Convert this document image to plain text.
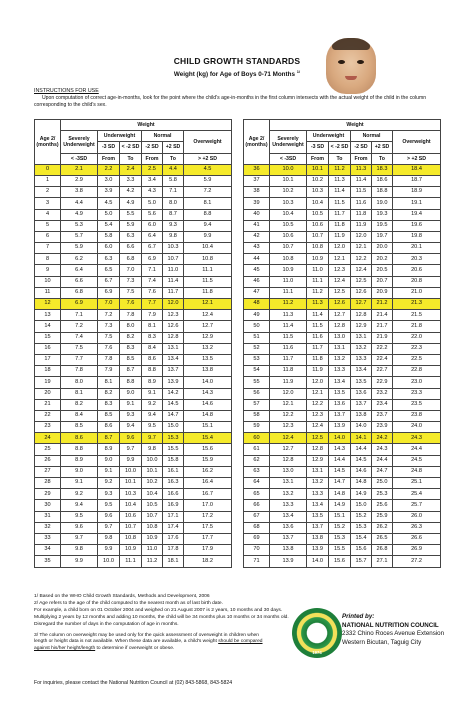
CHILD GROWTH STANDARDS
Weight (kg) for Age of Boys 0-71 Months $^{1/}$
INSTRUCTIONS FOR USE
Upon computation of correct age-in-months, look for the point where the child's age-in-months in the first column intersects with the actual weight of the child in the column corresponding to the child's sex.
Age 2/ (months)	Weight					
	Severely Underweight	Underweight		Normal		Overweight
		-3 SD	< -2 SD	-2 SD	+2 SD	
	< -3SD	From	To	From	To	> +2 SD
0	2.1	2.2	2.4	2.5	4.4	4.5
1	2.9	3.0	3.3	3.4	5.8	5.9
2	3.8	3.9	4.2	4.3	7.1	7.2
3	4.4	4.5	4.9	5.0	8.0	8.1
4	4.9	5.0	5.5	5.6	8.7	8.8
5	5.3	5.4	5.9	6.0	9.3	9.4
6	5.7	5.8	6.3	6.4	9.8	9.9
7	5.9	6.0	6.6	6.7	10.3	10.4
8	6.2	6.3	6.8	6.9	10.7	10.8
9	6.4	6.5	7.0	7.1	11.0	11.1
10	6.6	6.7	7.3	7.4	11.4	11.5
11	6.8	6.9	7.5	7.6	11.7	11.8
12	6.9	7.0	7.6	7.7	12.0	12.1
13	7.1	7.2	7.8	7.9	12.3	12.4
14	7.2	7.3	8.0	8.1	12.6	12.7
15	7.4	7.5	8.2	8.3	12.8	12.9
16	7.5	7.6	8.3	8.4	13.1	13.2
17	7.7	7.8	8.5	8.6	13.4	13.5
18	7.8	7.9	8.7	8.8	13.7	13.8
19	8.0	8.1	8.8	8.9	13.9	14.0
20	8.1	8.2	9.0	9.1	14.2	14.3
21	8.2	8.3	9.1	9.2	14.5	14.6
22	8.4	8.5	9.3	9.4	14.7	14.8
23	8.5	8.6	9.4	9.5	15.0	15.1
24	8.6	8.7	9.6	9.7	15.3	15.4
25	8.8	8.9	9.7	9.8	15.5	15.6
26	8.9	9.0	9.9	10.0	15.8	15.9
27	9.0	9.1	10.0	10.1	16.1	16.2
28	9.1	9.2	10.1	10.2	16.3	16.4
29	9.2	9.3	10.3	10.4	16.6	16.7
30	9.4	9.5	10.4	10.5	16.9	17.0
31	9.5	9.6	10.6	10.7	17.1	17.2
32	9.6	9.7	10.7	10.8	17.4	17.5
33	9.7	9.8	10.8	10.9	17.6	17.7
34	9.8	9.9	10.9	11.0	17.8	17.9
35	9.9	10.0	11.1	11.2	18.1	18.2
Age 2/ (months)	Weight					
	Severely Underweight	Underweight		Normal		Overweight
		-3 SD	< -2 SD	-2 SD	+2 SD	
	< -3SD	From	To	From	To	> +2 SD
36	10.0	10.1	11.2	11.3	18.3	18.4
37	10.1	10.2	11.3	11.4	18.6	18.7
38	10.2	10.3	11.4	11.5	18.8	18.9
39	10.3	10.4	11.5	11.6	19.0	19.1
40	10.4	10.5	11.7	11.8	19.3	19.4
41	10.5	10.6	11.8	11.9	19.5	19.6
42	10.6	10.7	11.9	12.0	19.7	19.8
43	10.7	10.8	12.0	12.1	20.0	20.1
44	10.8	10.9	12.1	12.2	20.2	20.3
45	10.9	11.0	12.3	12.4	20.5	20.6
46	11.0	11.1	12.4	12.5	20.7	20.8
47	11.1	11.2	12.5	12.6	20.9	21.0
48	11.2	11.3	12.6	12.7	21.2	21.3
49	11.3	11.4	12.7	12.8	21.4	21.5
50	11.4	11.5	12.8	12.9	21.7	21.8
51	11.5	11.6	13.0	13.1	21.9	22.0
52	11.6	11.7	13.1	13.2	22.2	22.3
53	11.7	11.8	13.2	13.3	22.4	22.5
54	11.8	11.9	13.3	13.4	22.7	22.8
55	11.9	12.0	13.4	13.5	22.9	23.0
56	12.0	12.1	13.5	13.6	23.2	23.3
57	12.1	12.2	13.6	13.7	23.4	23.5
58	12.2	12.3	13.7	13.8	23.7	23.8
59	12.3	12.4	13.9	14.0	23.9	24.0
60	12.4	12.5	14.0	14.1	24.2	24.3
61	12.7	12.8	14.3	14.4	24.3	24.4
62	12.8	12.9	14.4	14.5	24.4	24.5
63	13.0	13.1	14.5	14.6	24.7	24.8
64	13.1	13.2	14.7	14.8	25.0	25.1
65	13.2	13.3	14.8	14.9	25.3	25.4
66	13.3	13.4	14.9	15.0	25.6	25.7
67	13.4	13.5	15.1	15.2	25.9	26.0
68	13.6	13.7	15.2	15.3	26.2	26.3
69	13.7	13.8	15.3	15.4	26.5	26.6
70	13.8	13.9	15.5	15.6	26.8	26.9
71	13.9	14.0	15.6	15.7	27.1	27.2

1/ Based on the WHO Child Growth Standards, Methods and Development, 2006

2/ Age refers to the age of the child computed to the nearest month as of last birth date.

For example, a child born on 01 October 2004 and weighed on 21 August 2007 is 2 years, 10 months and 30 days.

Multiplying 2 years by 12 months and adding 10 months, the child will be 34 months plus 10 months or 34 months old.

Disregard the number of days in the computation of age in months.

3/ The column on overweight may be used only for the quick assessment of overweight in children when

length or height data is not available. When these data are available, a child's weight should be compared

against his/her height/length to determine if overweight or obese.

For inquiries, please contact the National Nutrition Council at (02) 843-5868, 843-5824
1974
Printed by:
NATIONAL NUTRITION COUNCIL
2332 Chino Roces Avenue Extension
Western Bicutan, Taguig City
